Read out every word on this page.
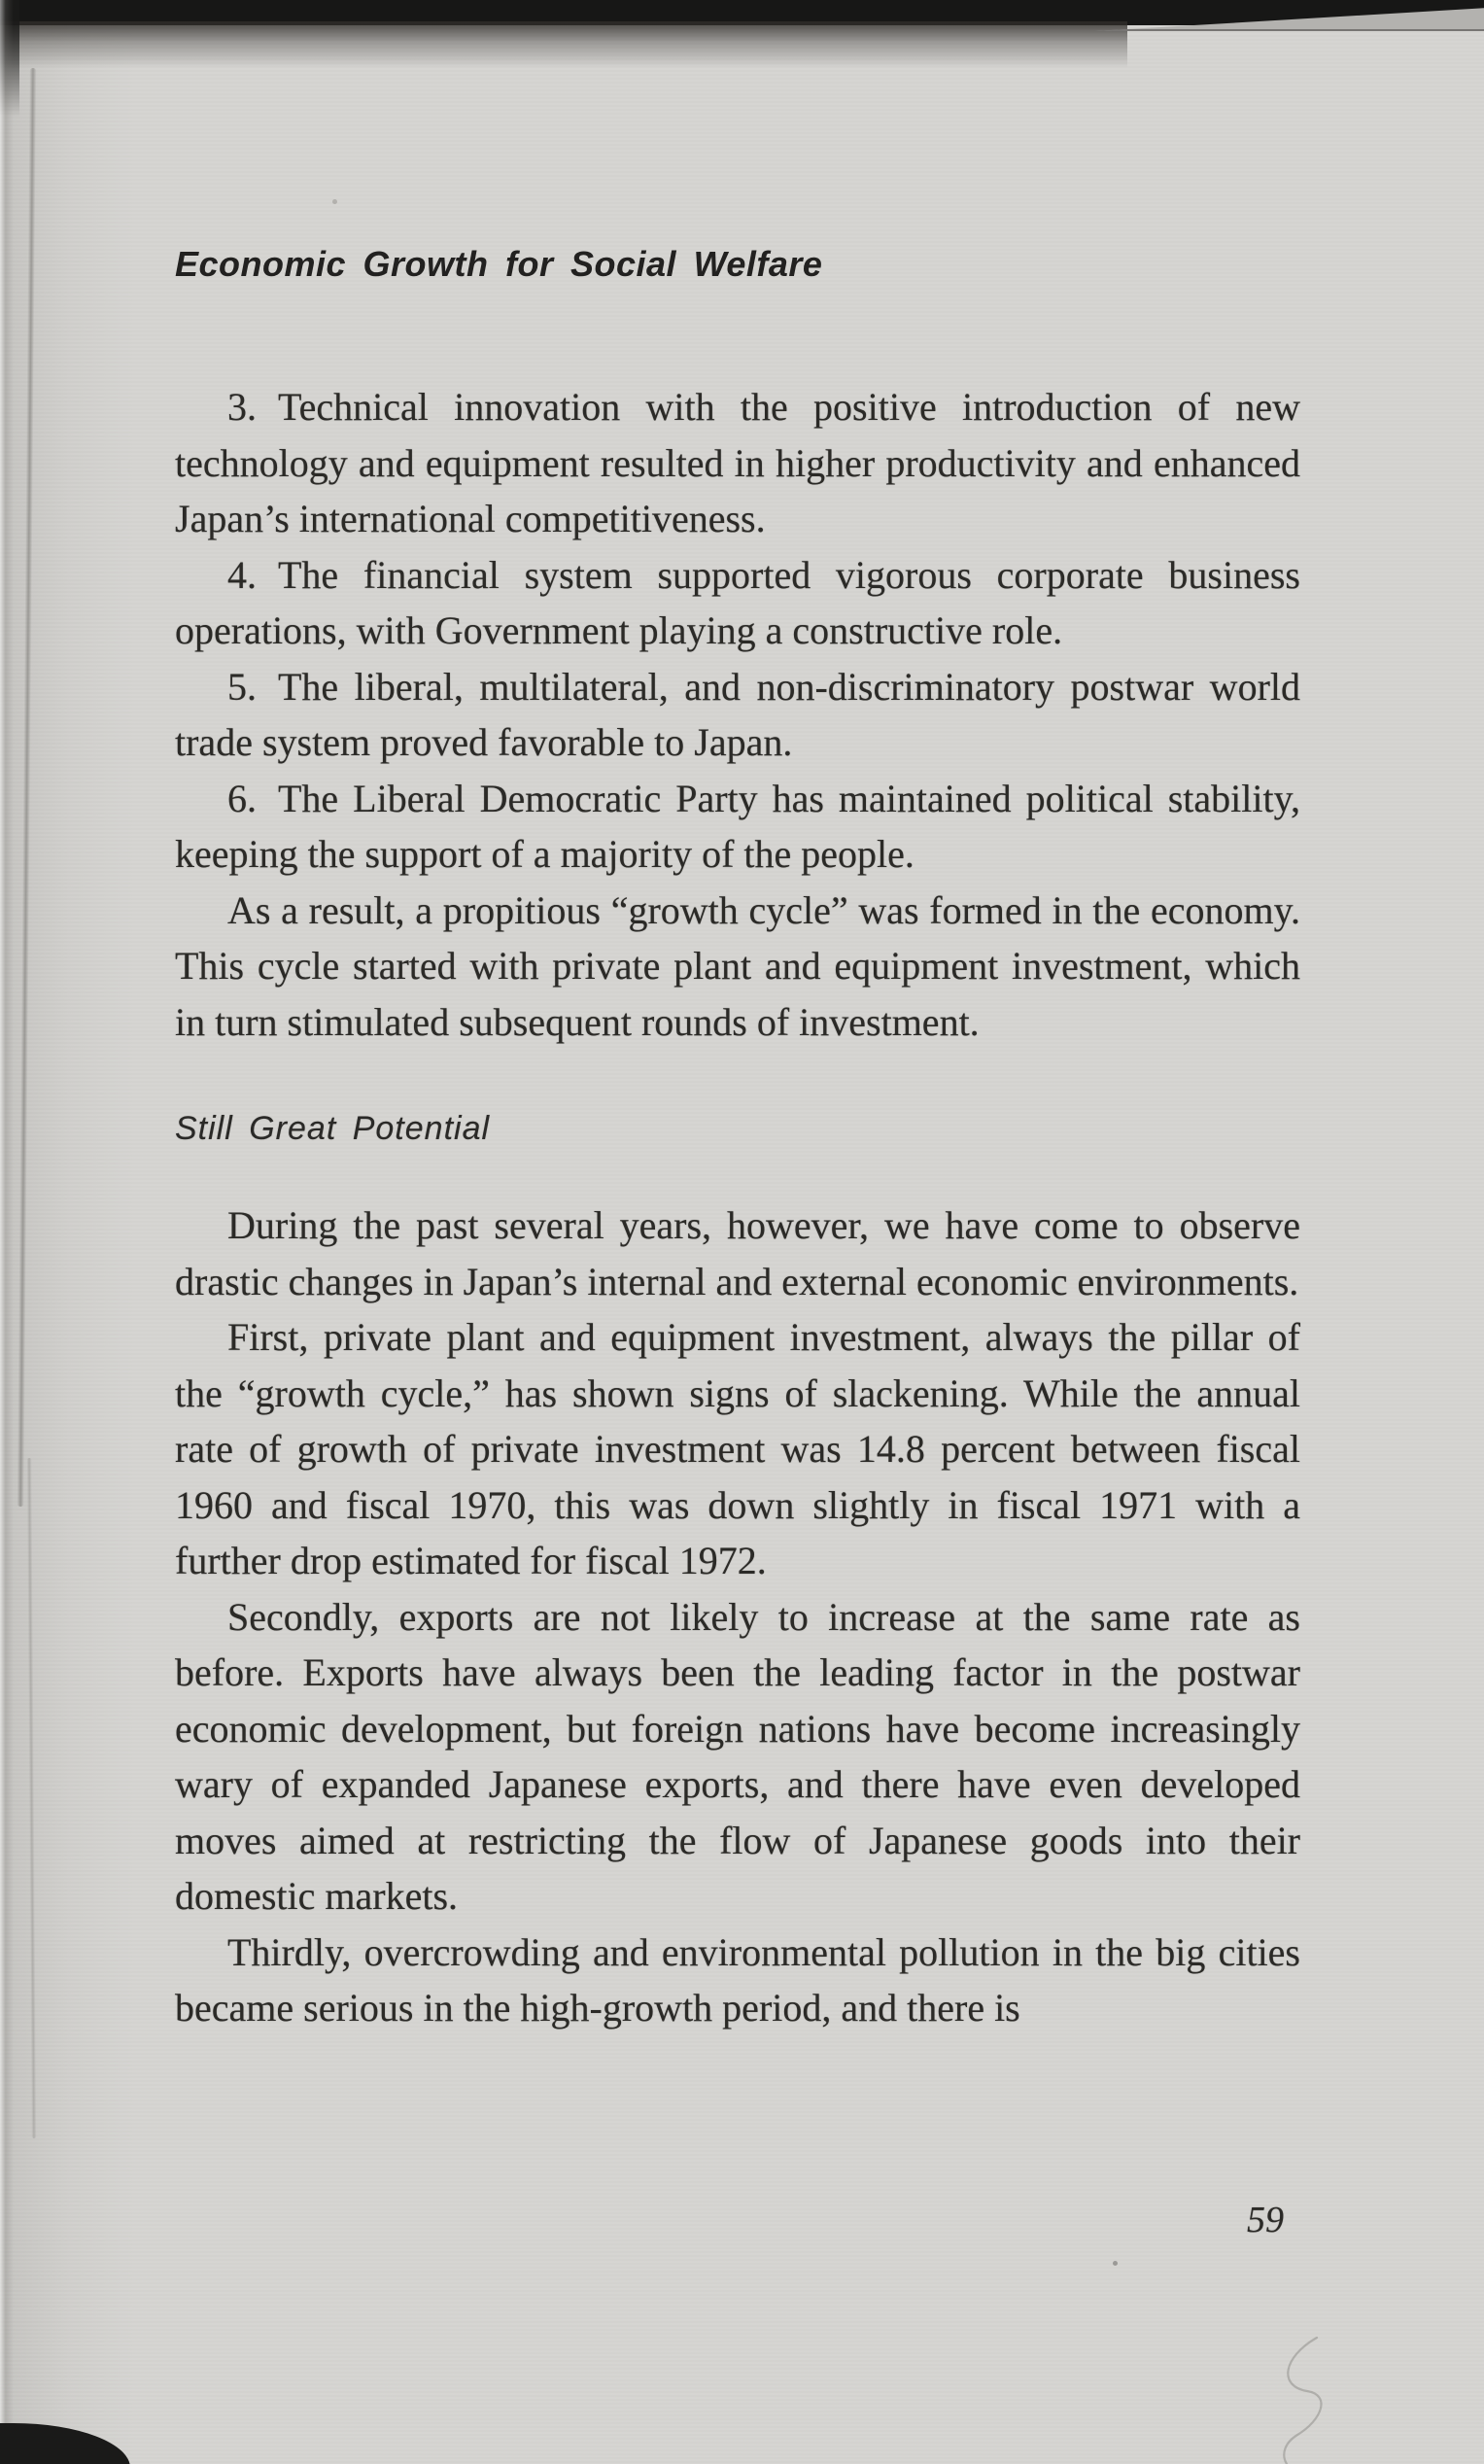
Economic Growth for Social Welfare

3. Technical innovation with the positive introduction of new technology and equipment resulted in higher productivity and enhanced Japan’s international competitiveness.

4. The financial system supported vigorous corporate business operations, with Government playing a constructive role.

5. The liberal, multilateral, and non-discriminatory postwar world trade system proved favorable to Japan.

6. The Liberal Democratic Party has maintained political stability, keeping the support of a majority of the people.

As a result, a propitious “growth cycle” was formed in the economy. This cycle started with private plant and equipment investment, which in turn stimulated subsequent rounds of investment.

Still Great Potential

During the past several years, however, we have come to observe drastic changes in Japan’s internal and external economic environments.

First, private plant and equipment investment, always the pillar of the “growth cycle,” has shown signs of slackening. While the annual rate of growth of private investment was 14.8 percent between fiscal 1960 and fiscal 1970, this was down slightly in fiscal 1971 with a further drop estimated for fiscal 1972.

Secondly, exports are not likely to increase at the same rate as before. Exports have always been the leading factor in the postwar economic development, but foreign nations have become increasingly wary of expanded Japanese exports, and there have even developed moves aimed at restricting the flow of Japanese goods into their domestic markets.

Thirdly, overcrowding and environmental pollution in the big cities became serious in the high-growth period, and there is

59
